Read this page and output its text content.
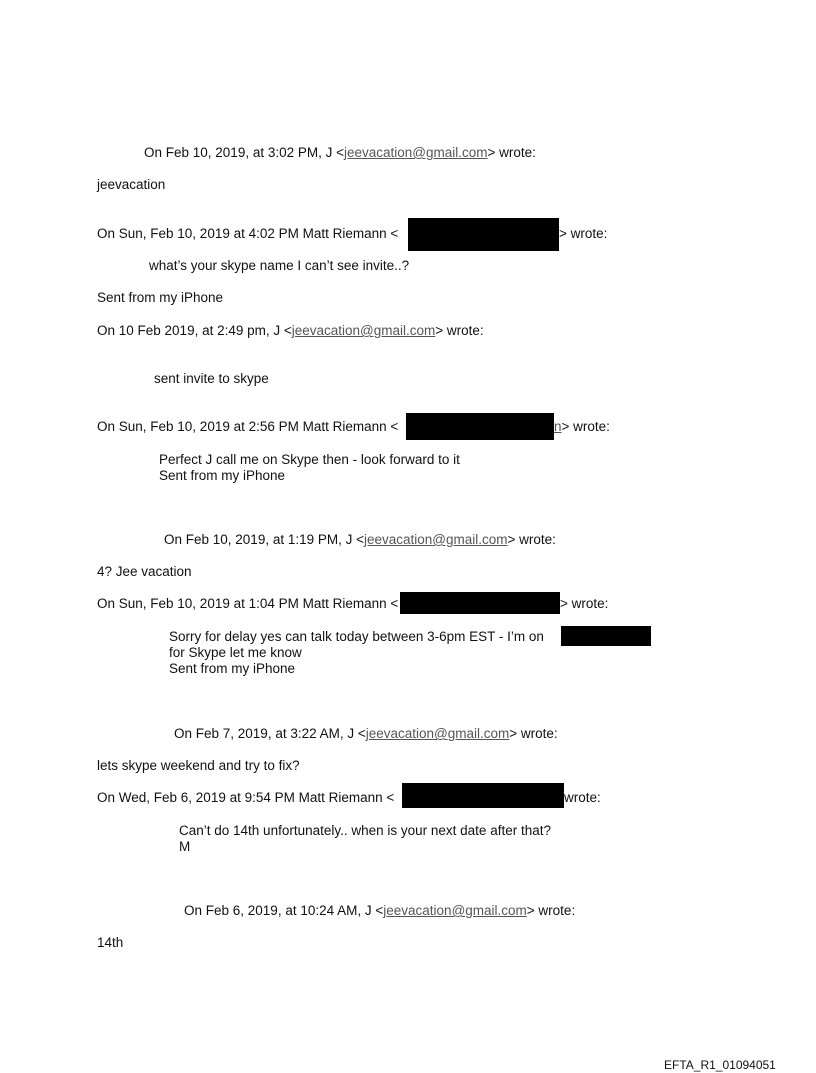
On Feb 10, 2019, at 3:02 PM, J <jeevacation@gmail.com> wrote:
jeevacation
On Sun, Feb 10, 2019 at 4:02 PM Matt Riemann <	> wrote:
what’s your skype name I can’t see invite..?
Sent from my iPhone
On 10 Feb 2019, at 2:49 pm, J <jeevacation@gmail.com> wrote:
sent invite to skype
On Sun, Feb 10, 2019 at 2:56 PM Matt Riemann <	n> wrote:
Perfect J call me on Skype then - look forward to it
Sent from my iPhone
On Feb 10, 2019, at 1:19 PM, J <jeevacation@gmail.com> wrote:
4? Jee vacation
On Sun, Feb 10, 2019 at 1:04 PM Matt Riemann <	> wrote:
Sorry for delay yes can talk today between 3-6pm EST - I’m on
for Skype let me know
Sent from my iPhone
On Feb 7, 2019, at 3:22 AM, J <jeevacation@gmail.com> wrote:
lets skype weekend and try to fix?
On Wed, Feb 6, 2019 at 9:54 PM Matt Riemann <	wrote:
Can’t do 14th unfortunately.. when is your next date after that?
M
On Feb 6, 2019, at 10:24 AM, J <jeevacation@gmail.com> wrote:
14th
EFTA_R1_01094051
